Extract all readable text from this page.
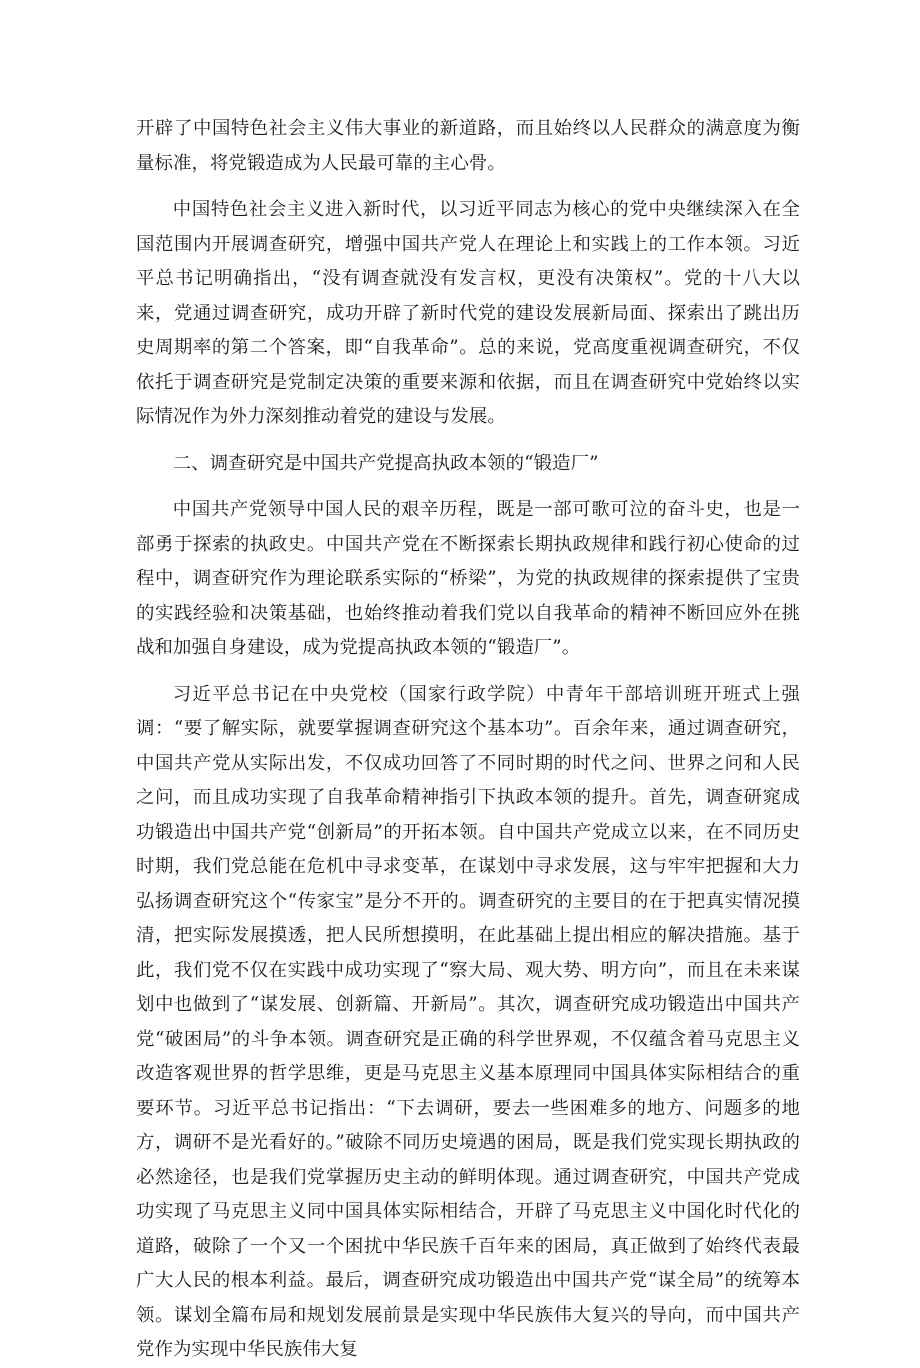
开辟了中国特色社会主义伟大事业的新道路，而且始终以人民群众的满意度为衡量标准，将党锻造成为人民最可靠的主心骨。

中国特色社会主义进入新时代，以习近平同志为核心的党中央继续深入在全国范围内开展调查研究，增强中国共产党人在理论上和实践上的工作本领。习近平总书记明确指出，“没有调查就没有发言权，更没有决策权”。党的十八大以来，党通过调查研究，成功开辟了新时代党的建设发展新局面、探索出了跳出历史周期率的第二个答案，即“自我革命”。总的来说，党高度重视调查研究，不仅依托于调查研究是党制定决策的重要来源和依据，而且在调查研究中党始终以实际情况作为外力深刻推动着党的建设与发展。

二、调查研究是中国共产党提高执政本领的“锻造厂”

中国共产党领导中国人民的艰辛历程，既是一部可歌可泣的奋斗史，也是一部勇于探索的执政史。中国共产党在不断探索长期执政规律和践行初心使命的过程中，调查研究作为理论联系实际的“桥梁”，为党的执政规律的探索提供了宝贵的实践经验和决策基础，也始终推动着我们党以自我革命的精神不断回应外在挑战和加强自身建设，成为党提高执政本领的“锻造厂”。

习近平总书记在中央党校（国家行政学院）中青年干部培训班开班式上强调：“要了解实际，就要掌握调查研究这个基本功”。百余年来，通过调查研究，中国共产党从实际出发，不仅成功回答了不同时期的时代之问、世界之问和人民之问，而且成功实现了自我革命精神指引下执政本领的提升。首先，调查研窕成功锻造出中国共产党“创新局”的开拓本领。自中国共产党成立以来，在不同历史时期，我们党总能在危机中寻求变革，在谋划中寻求发展，这与牢牢把握和大力弘扬调查研究这个“传家宝”是分不开的。调查研究的主要目的在于把真实情况摸清，把实际发展摸透，把人民所想摸明，在此基础上提出相应的解决措施。基于此，我们党不仅在实践中成功实现了“察大局、观大势、明方向”，而且在未来谋划中也做到了“谋发展、创新篇、开新局”。其次，调查研究成功锻造出中国共产党“破困局”的斗争本领。调查研究是正确的科学世界观，不仅蕴含着马克思主义改造客观世界的哲学思维，更是马克思主义基本原理同中国具体实际相结合的重要环节。习近平总书记指出：“下去调研，要去一些困难多的地方、问题多的地方，调研不是光看好的。”破除不同历史境遇的困局，既是我们党实现长期执政的必然途径，也是我们党掌握历史主动的鲜明体现。通过调查研究，中国共产党成功实现了马克思主义同中国具体实际相结合，开辟了马克思主义中国化时代化的道路，破除了一个又一个困扰中华民族千百年来的困局，真正做到了始终代表最广大人民的根本利益。最后，调查研究成功锻造出中国共产党“谋全局”的统筹本领。谋划全篇布局和规划发展前景是实现中华民族伟大复兴的导向，而中国共产党作为实现中华民族伟大复
